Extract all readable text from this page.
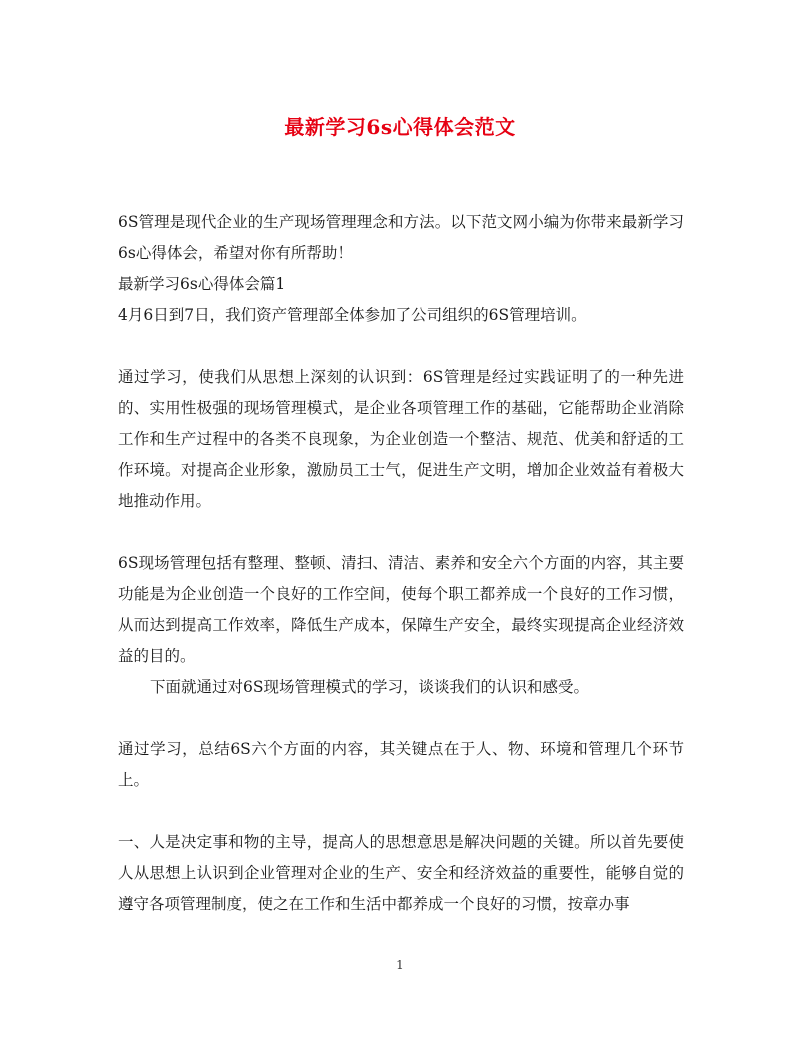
最新学习6s心得体会范文

6S管理是现代企业的生产现场管理理念和方法。以下范文网小编为你带来最新学习6s心得体会，希望对你有所帮助！

最新学习6s心得体会篇1

4月6日到7日，我们资产管理部全体参加了公司组织的6S管理培训。

通过学习，使我们从思想上深刻的认识到：6S管理是经过实践证明了的一种先进的、实用性极强的现场管理模式，是企业各项管理工作的基础，它能帮助企业消除工作和生产过程中的各类不良现象，为企业创造一个整洁、规范、优美和舒适的工作环境。对提高企业形象，激励员工士气，促进生产文明，增加企业效益有着极大地推动作用。

6S现场管理包括有整理、整顿、清扫、清洁、素养和安全六个方面的内容，其主要功能是为企业创造一个良好的工作空间，使每个职工都养成一个良好的工作习惯，从而达到提高工作效率，降低生产成本，保障生产安全，最终实现提高企业经济效益的目的。

下面就通过对6S现场管理模式的学习，谈谈我们的认识和感受。

通过学习，总结6S六个方面的内容，其关键点在于人、物、环境和管理几个环节上。

一、人是决定事和物的主导，提高人的思想意思是解决问题的关键。所以首先要使人从思想上认识到企业管理对企业的生产、安全和经济效益的重要性，能够自觉的遵守各项管理制度，使之在工作和生活中都养成一个良好的习惯，按章办事

1
